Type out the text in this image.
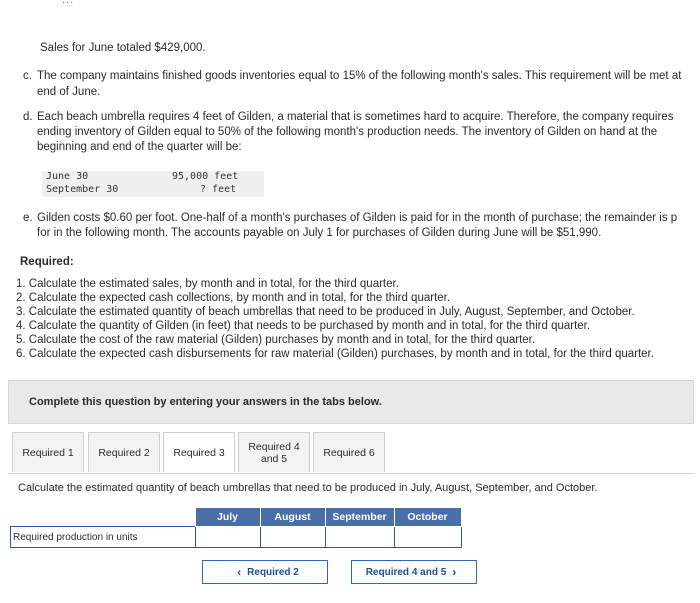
...
Sales for June totaled $429,000.
c. The company maintains finished goods inventories equal to 15% of the following month's sales. This requirement will be met at
end of June.
d. Each beach umbrella requires 4 feet of Gilden, a material that is sometimes hard to acquire. Therefore, the company requires
ending inventory of Gilden equal to 50% of the following month's production needs. The inventory of Gilden on hand at the
beginning and end of the quarter will be:
June 30	95,000 feet
September 30	? feet
e. Gilden costs $0.60 per foot. One-half of a month's purchases of Gilden is paid for in the month of purchase; the remainder is p
for in the following month. The accounts payable on July 1 for purchases of Gilden during June will be $51,990.
Required:
1. Calculate the estimated sales, by month and in total, for the third quarter.
2. Calculate the expected cash collections, by month and in total, for the third quarter.
3. Calculate the estimated quantity of beach umbrellas that need to be produced in July, August, September, and October.
4. Calculate the quantity of Gilden (in feet) that needs to be purchased by month and in total, for the third quarter.
5. Calculate the cost of the raw material (Gilden) purchases by month and in total, for the third quarter.
6. Calculate the expected cash disbursements for raw material (Gilden) purchases, by month and in total, for the third quarter.
Complete this question by entering your answers in the tabs below.
Required 1 Required 2 Required 3 Required 4
and 5	Required 6
Calculate the estimated quantity of beach umbrellas that need to be produced in July, August, September, and October.
	July	August	September	October
Required production in units				
‹ Required 2	Required 4 and 5 ›
